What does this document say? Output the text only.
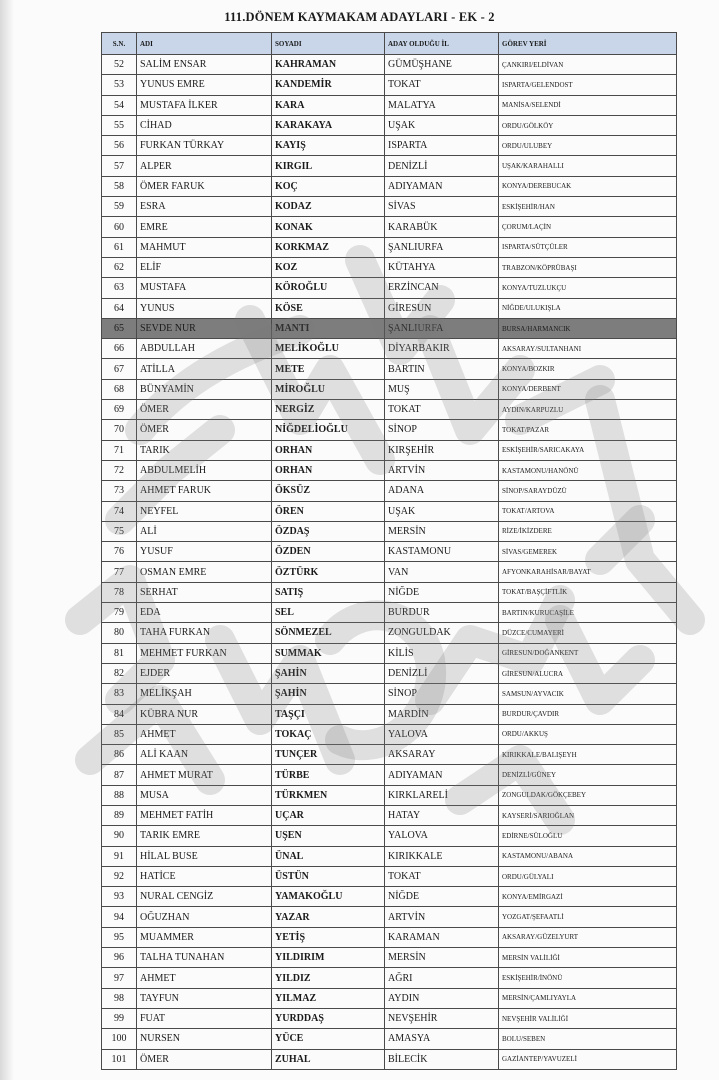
111.DÖNEM KAYMAKAM ADAYLARI - EK - 2
S.N.	ADI	SOYADI	ADAY OLDUĞU İL	GÖREV YERİ
52	SALİM ENSAR	KAHRAMAN	GÜMÜŞHANE	ÇANKIRI/ELDİVAN
53	YUNUS EMRE	KANDEMİR	TOKAT	ISPARTA/GELENDOST
54	MUSTAFA İLKER	KARA	MALATYA	MANİSA/SELENDİ
55	CİHAD	KARAKAYA	UŞAK	ORDU/GÖLKÖY
56	FURKAN TÜRKAY	KAYIŞ	ISPARTA	ORDU/ULUBEY
57	ALPER	KIRGIL	DENİZLİ	UŞAK/KARAHALLI
58	ÖMER FARUK	KOÇ	ADIYAMAN	KONYA/DEREBUCAK
59	ESRA	KODAZ	SİVAS	ESKİŞEHİR/HAN
60	EMRE	KONAK	KARABÜK	ÇORUM/LAÇİN
61	MAHMUT	KORKMAZ	ŞANLIURFA	ISPARTA/SÜTÇÜLER
62	ELİF	KOZ	KÜTAHYA	TRABZON/KÖPRÜBAŞI
63	MUSTAFA	KÖROĞLU	ERZİNCAN	KONYA/TUZLUKÇU
64	YUNUS	KÖSE	GİRESUN	NİĞDE/ULUKIŞLA
65	SEVDE NUR	MANTI	ŞANLIURFA	BURSA/HARMANCIK
66	ABDULLAH	MELİKOĞLU	DİYARBAKIR	AKSARAY/SULTANHANI
67	ATİLLA	METE	BARTIN	KONYA/BOZKIR
68	BÜNYAMİN	MİROĞLU	MUŞ	KONYA/DERBENT
69	ÖMER	NERGİZ	TOKAT	AYDIN/KARPUZLU
70	ÖMER	NİĞDELİOĞLU	SİNOP	TOKAT/PAZAR
71	TARIK	ORHAN	KIRŞEHİR	ESKİŞEHİR/SARICAKAYA
72	ABDULMELİH	ORHAN	ARTVİN	KASTAMONU/HANÖNÜ
73	AHMET FARUK	ÖKSÜZ	ADANA	SİNOP/SARAYDÜZÜ
74	NEYFEL	ÖREN	UŞAK	TOKAT/ARTOVA
75	ALİ	ÖZDAŞ	MERSİN	RİZE/İKİZDERE
76	YUSUF	ÖZDEN	KASTAMONU	SİVAS/GEMEREK
77	OSMAN EMRE	ÖZTÜRK	VAN	AFYONKARAHİSAR/BAYAT
78	SERHAT	SATIŞ	NİĞDE	TOKAT/BAŞÇİFTLİK
79	EDA	SEL	BURDUR	BARTIN/KURUCAŞİLE
80	TAHA FURKAN	SÖNMEZEL	ZONGULDAK	DÜZCE/CUMAYERİ
81	MEHMET FURKAN	SUMMAK	KİLİS	GİRESUN/DOĞANKENT
82	EJDER	ŞAHİN	DENİZLİ	GİRESUN/ALUCRA
83	MELİKŞAH	ŞAHİN	SİNOP	SAMSUN/AYVACIK
84	KÜBRA NUR	TAŞÇI	MARDİN	BURDUR/ÇAVDIR
85	AHMET	TOKAÇ	YALOVA	ORDU/AKKUŞ
86	ALİ KAAN	TUNÇER	AKSARAY	KIRIKKALE/BALIŞEYH
87	AHMET MURAT	TÜRBE	ADIYAMAN	DENİZLİ/GÜNEY
88	MUSA	TÜRKMEN	KIRKLARELİ	ZONGULDAK/GÖKÇEBEY
89	MEHMET FATİH	UÇAR	HATAY	KAYSERİ/SARIOĞLAN
90	TARIK EMRE	UŞEN	YALOVA	EDİRNE/SÜLOĞLU
91	HİLAL BUSE	ÜNAL	KIRIKKALE	KASTAMONU/ABANA
92	HATİCE	ÜSTÜN	TOKAT	ORDU/GÜLYALI
93	NURAL CENGİZ	YAMAKOĞLU	NİĞDE	KONYA/EMİRGAZİ
94	OĞUZHAN	YAZAR	ARTVİN	YOZGAT/ŞEFAATLİ
95	MUAMMER	YETİŞ	KARAMAN	AKSARAY/GÜZELYURT
96	TALHA TUNAHAN	YILDIRIM	MERSİN	MERSİN VALİLİĞİ
97	AHMET	YILDIZ	AĞRI	ESKİŞEHİR/İNÖNÜ
98	TAYFUN	YILMAZ	AYDIN	MERSİN/ÇAMLIYAYLA
99	FUAT	YURDDAŞ	NEVŞEHİR	NEVŞEHİR VALİLİĞİ
100	NURSEN	YÜCE	AMASYA	BOLU/SEBEN
101	ÖMER	ZUHAL	BİLECİK	GAZİANTEP/YAVUZELİ
